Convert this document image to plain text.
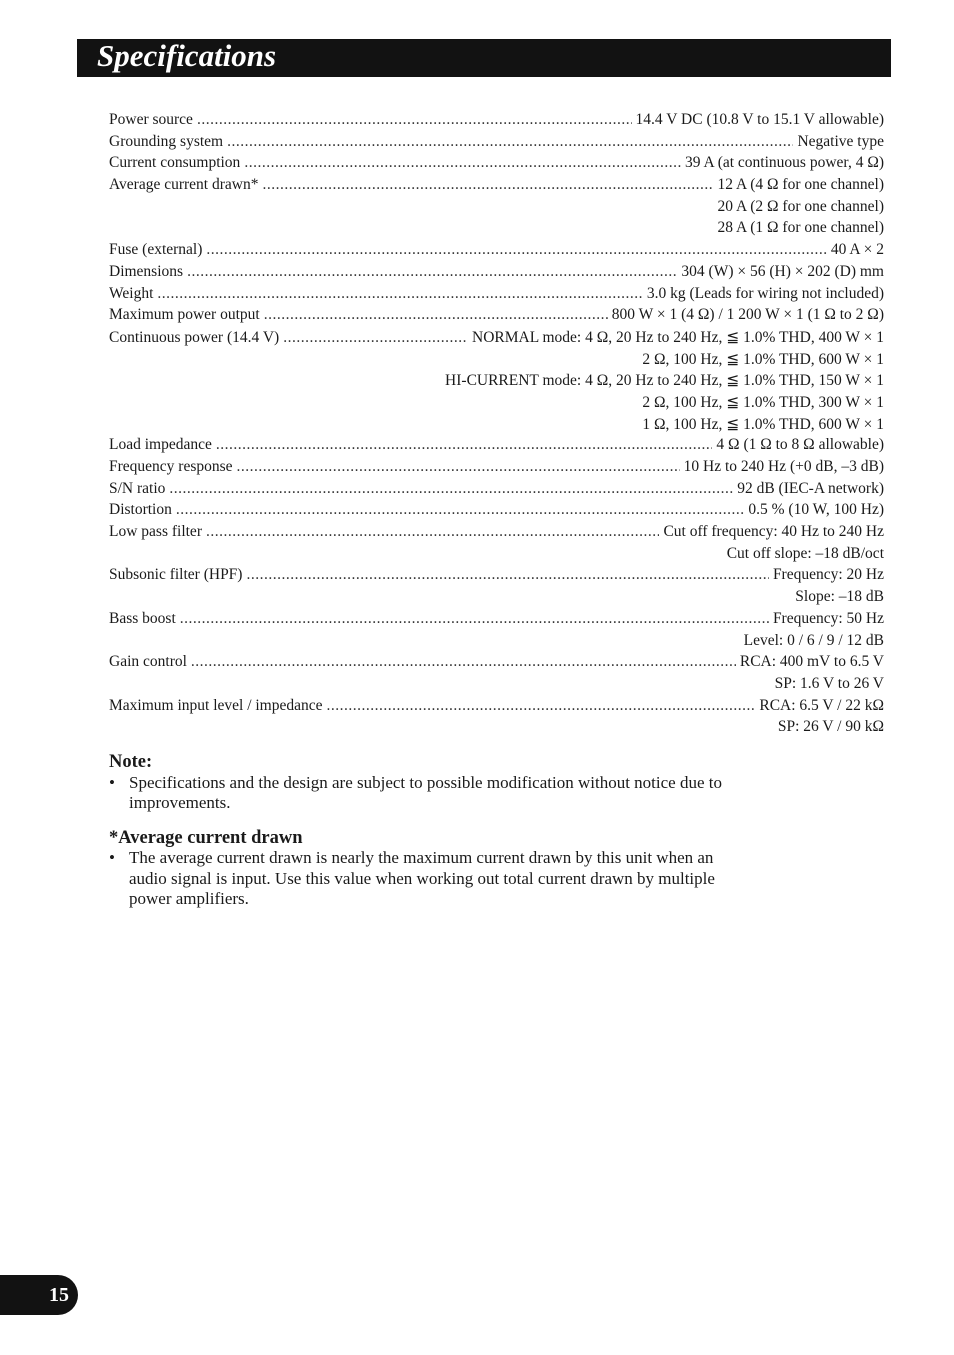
Specifications
Power source .....	14.4 V DC (10.8 V to 15.1 V allowable)
Grounding system .....	Negative type
Current consumption .....	39 A (at continuous power, 4 Ω)
Average current drawn* .....	12 A (4 Ω for one channel)
20 A (2 Ω for one channel)
28 A (1 Ω for one channel)
Fuse (external) .....	40 A × 2
Dimensions .....	304 (W) × 56 (H) × 202 (D) mm
Weight .....	3.0 kg (Leads for wiring not included)
Maximum power output .....	800 W × 1 (4 Ω) / 1 200 W × 1 (1 Ω to 2 Ω)
Continuous power (14.4 V) .....	NORMAL mode: 4 Ω, 20 Hz to 240 Hz, ≦ 1.0% THD, 400 W × 1
2 Ω, 100 Hz, ≦ 1.0% THD, 600 W × 1
HI-CURRENT mode: 4 Ω, 20 Hz to 240 Hz, ≦ 1.0% THD, 150 W × 1
2 Ω, 100 Hz, ≦ 1.0% THD, 300 W × 1
1 Ω, 100 Hz, ≦ 1.0% THD, 600 W × 1
Load impedance .....	4 Ω (1 Ω to 8 Ω allowable)
Frequency response .....	10 Hz to 240 Hz (+0 dB, –3 dB)
S/N ratio .....	92 dB (IEC-A network)
Distortion .....	0.5 % (10 W, 100 Hz)
Low pass filter .....	Cut off frequency: 40 Hz to 240 Hz
Cut off slope: –18 dB/oct
Subsonic filter (HPF) .....	Frequency: 20 Hz
Slope: –18 dB
Bass boost .....	Frequency: 50 Hz
Level: 0 / 6 / 9 / 12 dB
Gain control .....	RCA: 400 mV to 6.5 V
SP: 1.6 V to 26 V
Maximum input level / impedance .....	RCA: 6.5 V / 22 kΩ
SP: 26 V / 90 kΩ
Note:
• Specifications and the design are subject to possible modification without notice due to improvements.
*Average current drawn
• The average current drawn is nearly the maximum current drawn by this unit when an audio signal is input. Use this value when working out total current drawn by multiple power amplifiers.
15
